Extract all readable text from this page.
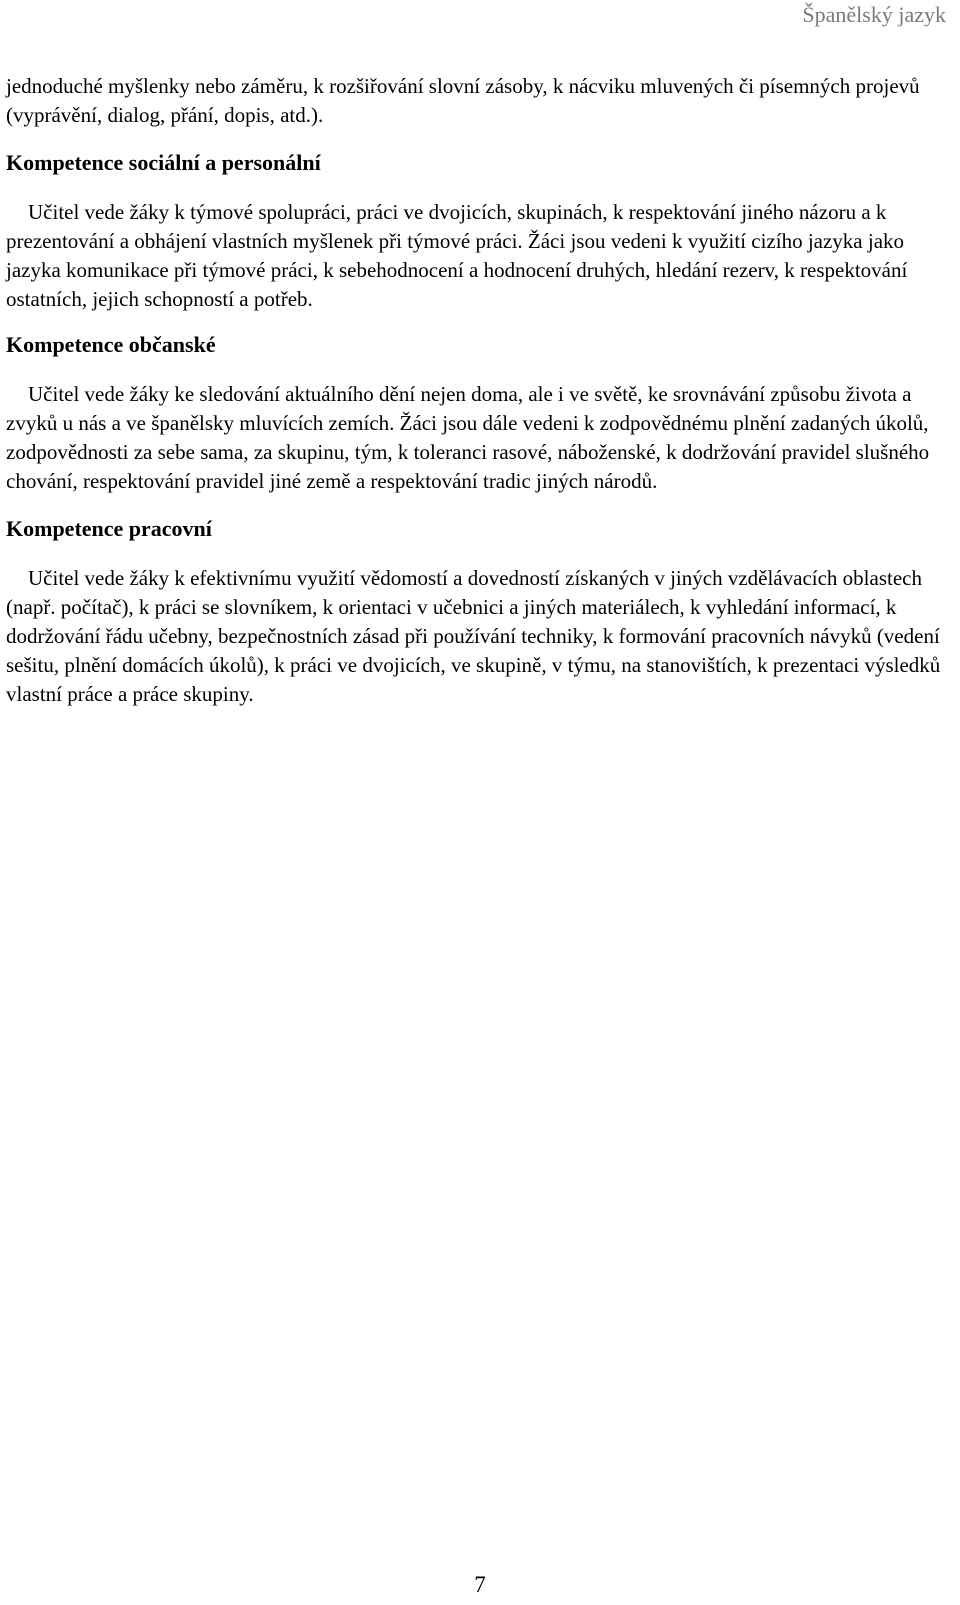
Španělský jazyk

jednoduché myšlenky nebo záměru, k rozšiřování slovní zásoby, k nácviku mluvených či písemných projevů (vyprávění, dialog, přání, dopis, atd.).

Kompetence sociální a personální

Učitel vede žáky k týmové spolupráci, práci ve dvojicích, skupinách, k respektování jiného názoru a k prezentování a obhájení vlastních myšlenek při týmové práci. Žáci jsou vedeni k využití cizího jazyka jako jazyka komunikace při týmové práci, k sebehodnocení a hodnocení druhých, hledání rezerv, k respektování ostatních, jejich schopností a potřeb.

Kompetence občanské

Učitel vede žáky ke sledování aktuálního dění nejen doma, ale i ve světě, ke srovnávání způsobu života a zvyků u nás a ve španělsky mluvících zemích. Žáci jsou dále vedeni k zodpovědnému plnění zadaných úkolů, zodpovědnosti za sebe sama, za skupinu, tým, k toleranci rasové, náboženské, k dodržování pravidel slušného chování, respektování pravidel jiné země a respektování tradic jiných národů.

Kompetence pracovní

Učitel vede žáky k efektivnímu využití vědomostí a dovedností získaných v jiných vzdělávacích oblastech (např. počítač), k práci se slovníkem, k orientaci v učebnici a jiných materiálech, k vyhledání informací, k dodržování řádu učebny, bezpečnostních zásad při používání techniky, k formování pracovních návyků (vedení sešitu, plnění domácích úkolů), k práci ve dvojicích, ve skupině, v týmu, na stanovištích, k prezentaci výsledků vlastní práce a práce skupiny.

7
